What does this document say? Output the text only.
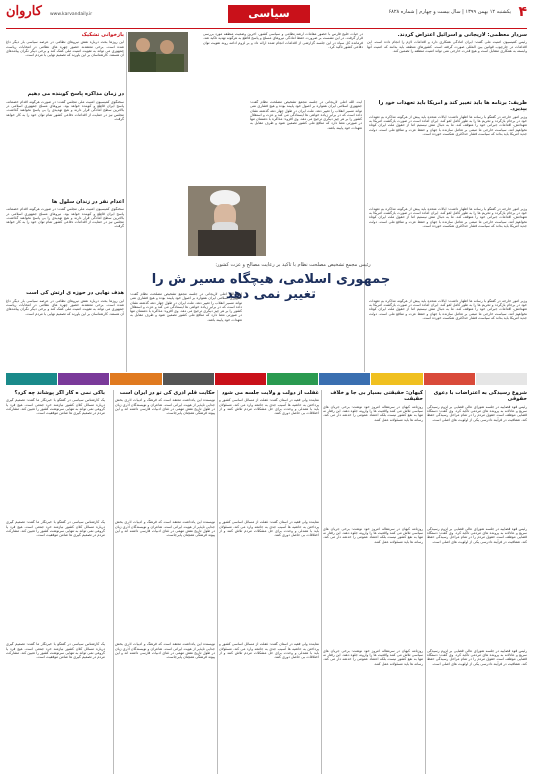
۴
یکشنبه ۱۲ بهمن ۱۳۹۹ | سال بیست و چهارم | شماره ۶۸۲۸
سیاسی
www.karvandaily.ir
کاروان
سردار معظمی: لاریجانی و اسرائیل اعتراض کردند.
رئیس کمیسیون امنیت ملی گفت: ایران آمادگی همکاری دارد و اقدامات لازم را انجام داده است. این اقدامات در چارچوب قوانین بین المللی صورت گرفته است. کشورهای منطقه باید بدانند که امنیت آنها وابسته به همکاری متقابل است و هیچ قدرت خارجی نمی تواند امنیت منطقه را تضمین کند.
در حیات خلیج فارس با حضور مقامات ارشد نظامی و سیاسی کشور، آخرین وضعیت منطقه مورد بررسی قرار گرفت. در این نشست بر ضرورت حفظ آمادگی نیروهای مسلح و پاسخ قاطع به هرگونه تهدید تاکید شد. فرمانده کل سپاه در این جلسه گزارشی از اقدامات انجام شده ارائه داد و بر لزوم ادامه روند تقویت توان دفاعی کشور تاکید کرد.
بازخوانی تشکیک
این روزها بحث درباره نقش نیروهای نظامی در عرصه سیاسی بار دیگر داغ شده است. برخی معتقدند حضور چهره های نظامی در انتخابات ریاست جمهوری می تواند به تقویت امنیت ملی کمک کند و برخی دیگر نگران پیامدهای آن هستند. کارشناسان بر این باورند که تصمیم نهایی با مردم است.
در زمان مذاکره پاسخ کوبنده می دهیم
سخنگوی کمیسیون امنیت ملی مجلس گفت: در صورت هرگونه اقدام خصمانه، پاسخ ایران قاطع و کوبنده خواهد بود. نیروهای مسلح جمهوری اسلامی در بالاترین سطح آمادگی قرار دارند و هیچ تهدیدی را بی پاسخ نخواهند گذاشت. مجلس نیز در حمایت از اقدامات دفاعی کشور تمام توان خود را به کار خواهد گرفت.
اعدام نفر در زندان سلول ها
سخنگوی کمیسیون امنیت ملی مجلس گفت: در صورت هرگونه اقدام خصمانه، پاسخ ایران قاطع و کوبنده خواهد بود. نیروهای مسلح جمهوری اسلامی در بالاترین سطح آمادگی قرار دارند و هیچ تهدیدی را بی پاسخ نخواهند گذاشت. مجلس نیز در حمایت از اقدامات دفاعی کشور تمام توان خود را به کار خواهد گرفت.
هدف نهایی در حوزه ی ارتش کی است
این روزها بحث درباره نقش نیروهای نظامی در عرصه سیاسی بار دیگر داغ شده است. برخی معتقدند حضور چهره های نظامی در انتخابات ریاست جمهوری می تواند به تقویت امنیت ملی کمک کند و برخی دیگر نگران پیامدهای آن هستند. کارشناسان بر این باورند که تصمیم نهایی با مردم است.
ظریف: برنامه ها باید تغییر کند و آمریکا باید تعهدات خود را بپذیرد.
وزیر امور خارجه در گفتگو با رسانه ها اظهار داشت: ایالات متحده باید پیش از هرگونه مذاکره به تعهدات خود در برجام بازگردد و تحریم ها را به طور کامل لغو کند. ایران آماده است در صورت بازگشت آمریکا به تعهداتش، اقدامات جبرانی خود را متوقف کند. ما به دنبال تنش نیستیم اما از حقوق ملت ایران کوتاه نخواهیم آمد. سیاست خارجی ما مبتنی بر تعامل سازنده با جهان و حفظ عزت و منافع ملی است. دولت جدید آمریکا باید بداند که سیاست فشار حداکثری شکست خورده است.
وزیر امور خارجه در گفتگو با رسانه ها اظهار داشت: ایالات متحده باید پیش از هرگونه مذاکره به تعهدات خود در برجام بازگردد و تحریم ها را به طور کامل لغو کند. ایران آماده است در صورت بازگشت آمریکا به تعهداتش، اقدامات جبرانی خود را متوقف کند. ما به دنبال تنش نیستیم اما از حقوق ملت ایران کوتاه نخواهیم آمد. سیاست خارجی ما مبتنی بر تعامل سازنده با جهان و حفظ عزت و منافع ملی است. دولت جدید آمریکا باید بداند که سیاست فشار حداکثری شکست خورده است.
وزیر امور خارجه در گفتگو با رسانه ها اظهار داشت: ایالات متحده باید پیش از هرگونه مذاکره به تعهدات خود در برجام بازگردد و تحریم ها را به طور کامل لغو کند. ایران آماده است در صورت بازگشت آمریکا به تعهداتش، اقدامات جبرانی خود را متوقف کند. ما به دنبال تنش نیستیم اما از حقوق ملت ایران کوتاه نخواهیم آمد. سیاست خارجی ما مبتنی بر تعامل سازنده با جهان و حفظ عزت و منافع ملی است. دولت جدید آمریکا باید بداند که سیاست فشار حداکثری شکست خورده است.
رئیس مجمع تشخیص مصلحت نظام با تاکید بر رعایت مصالح و عزت کشور:
جمهوری اسلامی، هیچگاه مسیر ش را تغییر نمی دهد
آیت الله آملی لاریجانی در جلسه مجمع تشخیص مصلحت نظام گفت: جمهوری اسلامی ایران همواره بر اصول خود پایبند بوده و هیچ فشاری نمی تواند مسیر انقلاب را تغییر دهد. ملت ایران در طول چهار دهه گذشته نشان داده است که در برابر زیاده خواهی ها ایستادگی می کند و عزت و استقلال کشور را بر هر چیز دیگری ترجیح می دهد. وی افزود: مذاکره با دشمنان تنها در صورتی معنا دارد که منافع ملی کشور تضمین شود و طرف مقابل به تعهدات خود پایبند باشد.
آیت الله آملی لاریجانی در جلسه مجمع تشخیص مصلحت نظام گفت: جمهوری اسلامی ایران همواره بر اصول خود پایبند بوده و هیچ فشاری نمی تواند مسیر انقلاب را تغییر دهد. ملت ایران در طول چهار دهه گذشته نشان داده است که در برابر زیاده خواهی ها ایستادگی می کند و عزت و استقلال کشور را بر هر چیز دیگری ترجیح می دهد. وی افزود: مذاکره با دشمنان تنها در صورتی معنا دارد که منافع ملی کشور تضمین شود و طرف مقابل به تعهدات خود پایبند باشد.
شروع رسیدگی به اعتراضات با دعوی حقوقی
رئیس قوه قضاییه در جلسه شورای عالی قضایی بر لزوم رسیدگی سریع و عادلانه به پرونده های مردمی تاکید کرد. وی گفت: دستگاه قضایی موظف است حقوق مردم را در تمام مراحل رسیدگی حفظ کند. شفافیت در فرآیند دادرسی یکی از اولویت های اصلی است.
رئیس قوه قضاییه در جلسه شورای عالی قضایی بر لزوم رسیدگی سریع و عادلانه به پرونده های مردمی تاکید کرد. وی گفت: دستگاه قضایی موظف است حقوق مردم را در تمام مراحل رسیدگی حفظ کند. شفافیت در فرآیند دادرسی یکی از اولویت های اصلی است.
رئیس قوه قضاییه در جلسه شورای عالی قضایی بر لزوم رسیدگی سریع و عادلانه به پرونده های مردمی تاکید کرد. وی گفت: دستگاه قضایی موظف است حقوق مردم را در تمام مراحل رسیدگی حفظ کند. شفافیت در فرآیند دادرسی یکی از اولویت های اصلی است.
کیهان: حقیقتی بسیار بی جا و خلاف حقیقت
روزنامه کیهان در سرمقاله امروز خود نوشت: برخی جریان های سیاسی تلاش می کنند واقعیت ها را وارونه جلوه دهند. این رفتار نه تنها به نفع کشور نیست بلکه اعتماد عمومی را خدشه دار می کند. رسانه ها باید مسئولانه عمل کنند.
روزنامه کیهان در سرمقاله امروز خود نوشت: برخی جریان های سیاسی تلاش می کنند واقعیت ها را وارونه جلوه دهند. این رفتار نه تنها به نفع کشور نیست بلکه اعتماد عمومی را خدشه دار می کند. رسانه ها باید مسئولانه عمل کنند.
روزنامه کیهان در سرمقاله امروز خود نوشت: برخی جریان های سیاسی تلاش می کنند واقعیت ها را وارونه جلوه دهند. این رفتار نه تنها به نفع کشور نیست بلکه اعتماد عمومی را خدشه دار می کند. رسانه ها باید مسئولانه عمل کنند.
غفلت از دولت و ولایت جلسه می شود
نماینده ولی فقیه در استان گفت: غفلت از مسائل اساسی کشور و پرداختن به حاشیه ها آسیب جدی به جامعه وارد می کند. مسئولان باید با همدلی و وحدت برای حل مشکلات مردم تلاش کنند و از اختلافات بی حاصل دوری کنند.
نماینده ولی فقیه در استان گفت: غفلت از مسائل اساسی کشور و پرداختن به حاشیه ها آسیب جدی به جامعه وارد می کند. مسئولان باید با همدلی و وحدت برای حل مشکلات مردم تلاش کنند و از اختلافات بی حاصل دوری کنند.
نماینده ولی فقیه در استان گفت: غفلت از مسائل اساسی کشور و پرداختن به حاشیه ها آسیب جدی به جامعه وارد می کند. مسئولان باید با همدلی و وحدت برای حل مشکلات مردم تلاش کنند و از اختلافات بی حاصل دوری کنند.
حکایت قلم آذری کی تو در ایران است
نویسنده این یادداشت معتقد است که فرهنگ و ادبیات آذری بخش جدایی ناپذیر از هویت ایرانی است. شاعران و نویسندگان آذری زبان در طول تاریخ نقش مهمی در غنای ادبیات فارسی داشته اند و این پیوند فرهنگی همچنان پابرجاست.
نویسنده این یادداشت معتقد است که فرهنگ و ادبیات آذری بخش جدایی ناپذیر از هویت ایرانی است. شاعران و نویسندگان آذری زبان در طول تاریخ نقش مهمی در غنای ادبیات فارسی داشته اند و این پیوند فرهنگی همچنان پابرجاست.
نویسنده این یادداشت معتقد است که فرهنگ و ادبیات آذری بخش جدایی ناپذیر از هویت ایرانی است. شاعران و نویسندگان آذری زبان در طول تاریخ نقش مهمی در غنای ادبیات فارسی داشته اند و این پیوند فرهنگی همچنان پابرجاست.
باکی نمی ه کار اگر پوشاند چه کرد؟
یک کارشناس سیاسی در گفتگو با خبرنگار ما گفت: تصمیم گیری درباره مسائل کلان کشور نیازمند خرد جمعی است. هیچ فرد یا گروهی نمی تواند به تنهایی سرنوشت کشور را تعیین کند. مشارکت مردم در تصمیم گیری ها ضامن موفقیت است.
یک کارشناس سیاسی در گفتگو با خبرنگار ما گفت: تصمیم گیری درباره مسائل کلان کشور نیازمند خرد جمعی است. هیچ فرد یا گروهی نمی تواند به تنهایی سرنوشت کشور را تعیین کند. مشارکت مردم در تصمیم گیری ها ضامن موفقیت است.
یک کارشناس سیاسی در گفتگو با خبرنگار ما گفت: تصمیم گیری درباره مسائل کلان کشور نیازمند خرد جمعی است. هیچ فرد یا گروهی نمی تواند به تنهایی سرنوشت کشور را تعیین کند. مشارکت مردم در تصمیم گیری ها ضامن موفقیت است.
